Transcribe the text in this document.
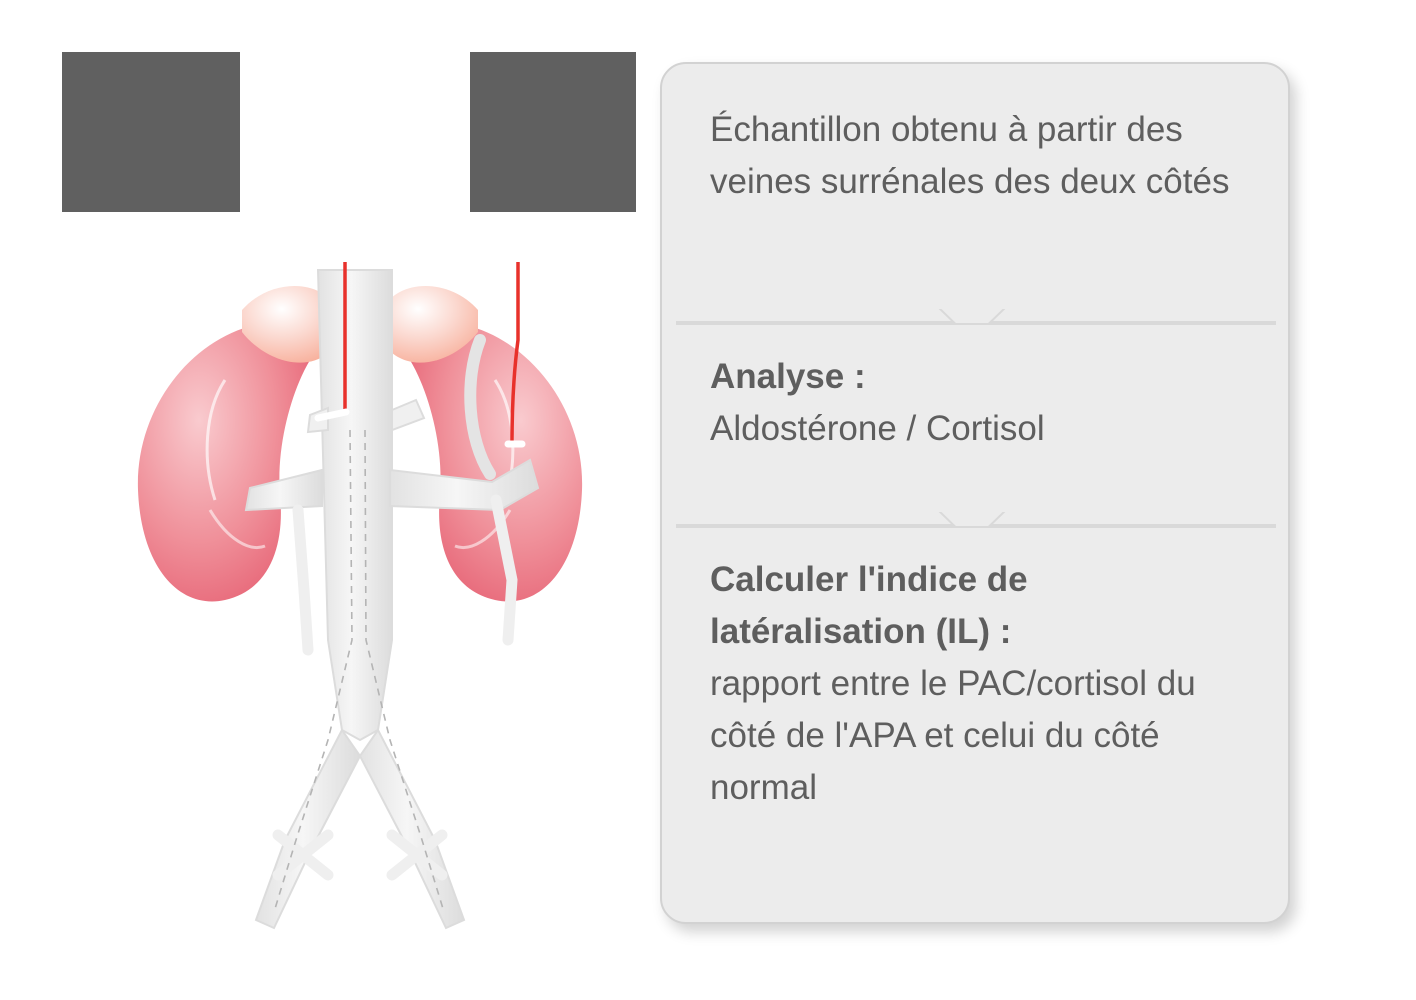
Échantillon obtenu à partir des veines surrénales des deux côtés
Analyse :
Aldostérone / Cortisol
Calculer l'indice de latéralisation (IL) :
rapport entre le PAC/cortisol du côté de l'APA et celui du côté normal
